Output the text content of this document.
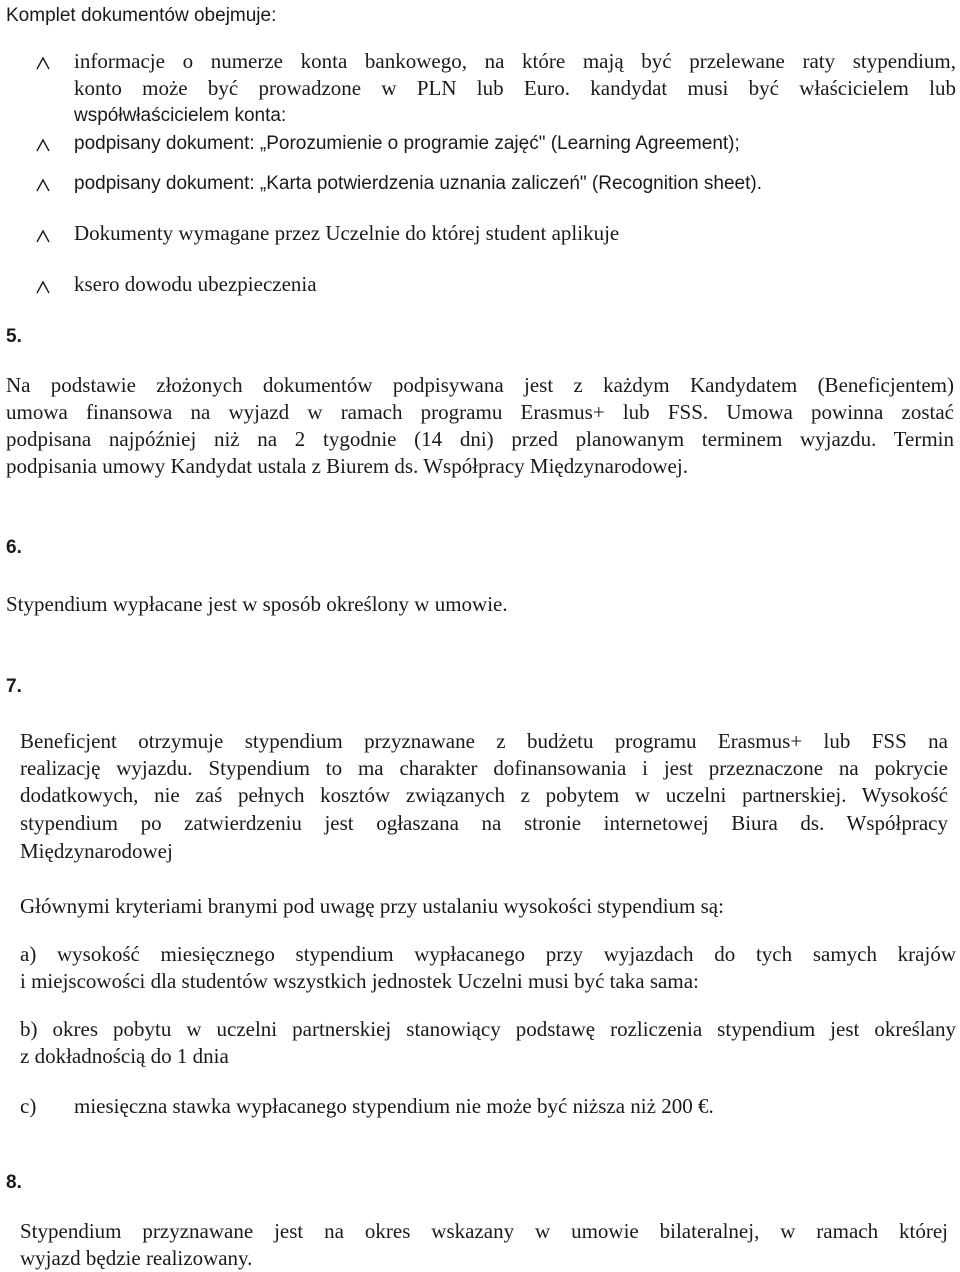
Komplet dokumentów obejmuje:
informacje o numerze konta bankowego, na które mają być przelewane raty stypendium,
konto może być prowadzone w PLN lub Euro. kandydat musi być właścicielem lub
współwłaścicielem konta:
podpisany dokument: „Porozumienie o programie zajęć" (Learning Agreement);
podpisany dokument: „Karta potwierdzenia uznania zaliczeń" (Recognition sheet).
Dokumenty wymagane przez Uczelnie do której student aplikuje
ksero dowodu ubezpieczenia
5.
Na podstawie złożonych dokumentów podpisywana jest z każdym Kandydatem (Beneficjentem)
umowa finansowa na wyjazd w ramach programu Erasmus+ lub FSS. Umowa powinna zostać
podpisana najpóźniej niż na 2 tygodnie (14 dni) przed planowanym terminem wyjazdu. Termin
podpisania umowy Kandydat ustala z Biurem ds. Współpracy Międzynarodowej.
6.
Stypendium wypłacane jest w sposób określony w umowie.
7.
Beneficjent otrzymuje stypendium przyznawane z budżetu programu Erasmus+ lub FSS na
realizację wyjazdu. Stypendium to ma charakter dofinansowania i jest przeznaczone na pokrycie
dodatkowych, nie zaś pełnych kosztów związanych z pobytem w uczelni partnerskiej. Wysokość
stypendium po zatwierdzeniu jest ogłaszana na stronie internetowej Biura ds. Współpracy
Międzynarodowej
Głównymi kryteriami branymi pod uwagę przy ustalaniu wysokości stypendium są:
a) wysokość miesięcznego stypendium wypłacanego przy wyjazdach do tych samych krajów
i miejscowości dla studentów wszystkich jednostek Uczelni musi być taka sama:
b) okres pobytu w uczelni partnerskiej stanowiący podstawę rozliczenia stypendium jest określany
z dokładnością do 1 dnia
c) miesięczna stawka wypłacanego stypendium nie może być niższa niż 200 €.
8.
Stypendium przyznawane jest na okres wskazany w umowie bilateralnej, w ramach której
wyjazd będzie realizowany.
